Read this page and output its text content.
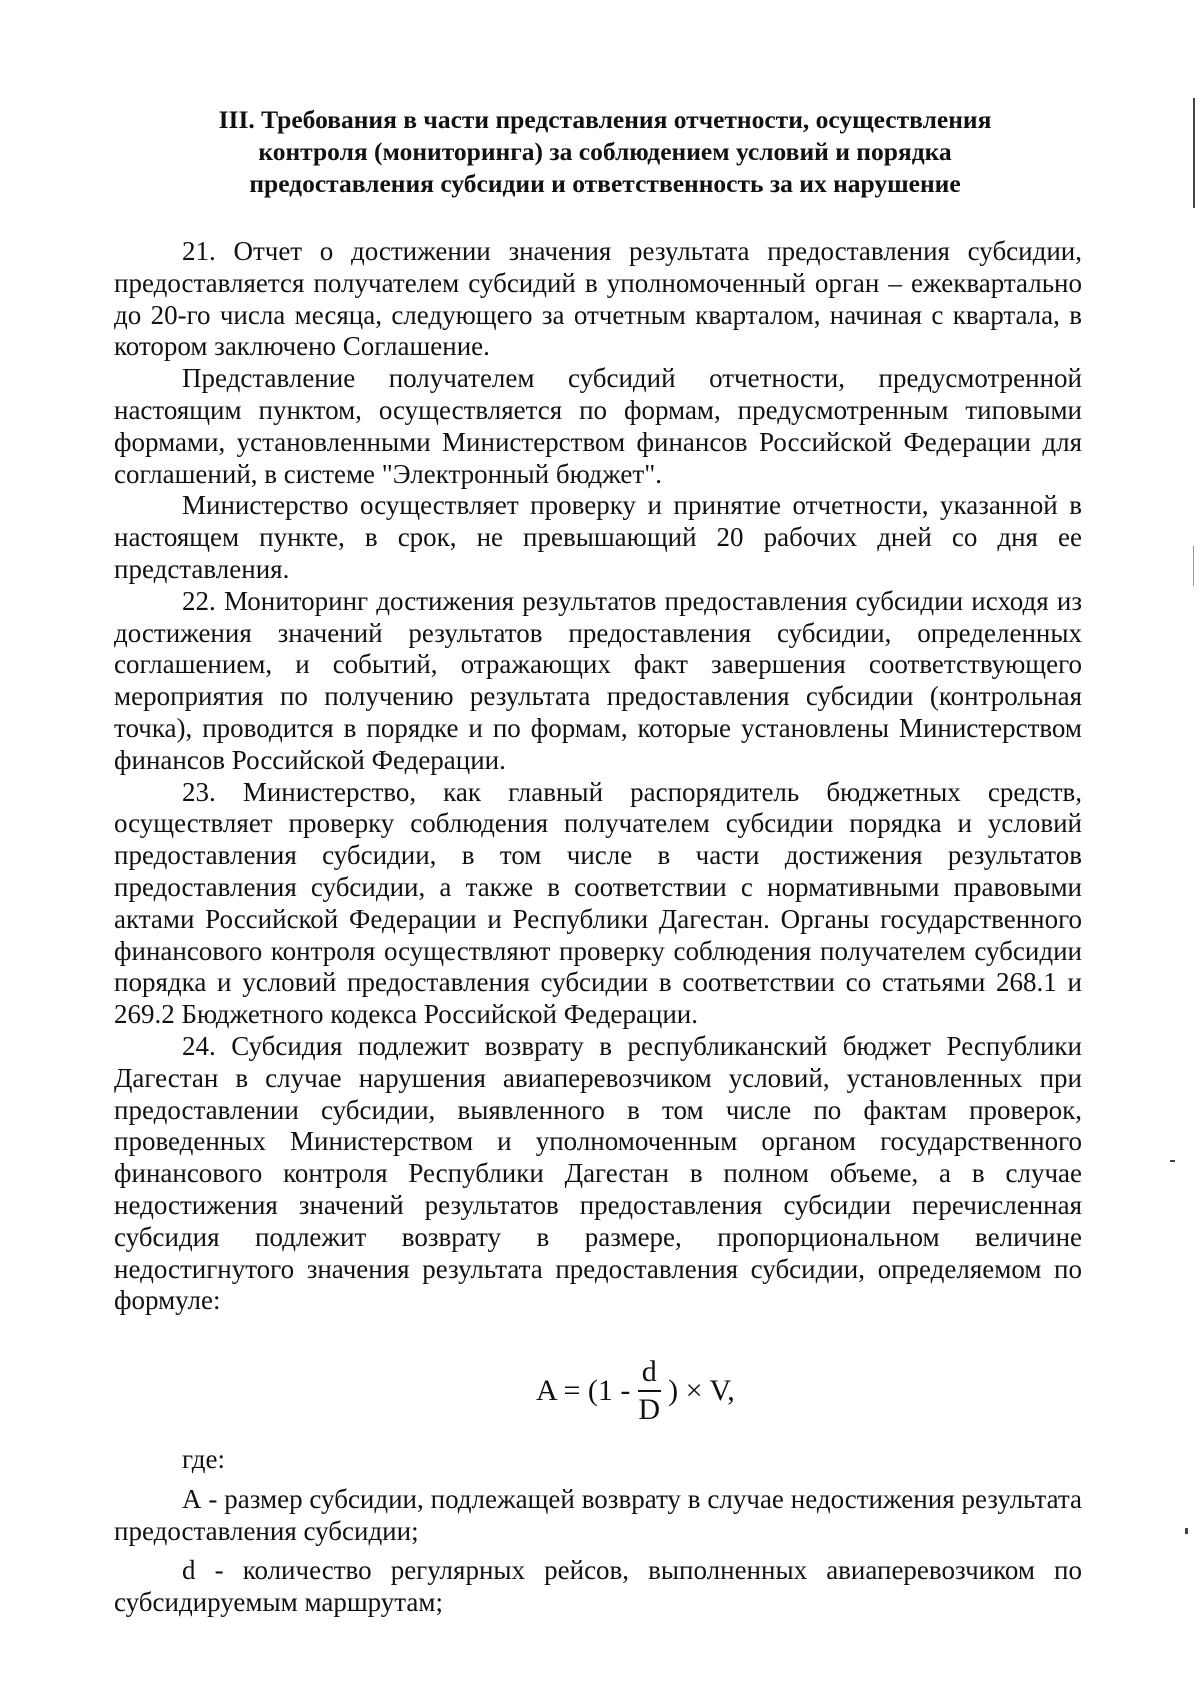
III. Требования в части представления отчетности, осуществления
контроля (мониторинга) за соблюдением условий и порядка
предоставления субсидии и ответственность за их нарушение

21. Отчет о достижении значения результата предоставления субсидии, предоставляется получателем субсидий в уполномоченный орган – ежеквартально до 20-го числа месяца, следующего за отчетным кварталом, начиная с квартала, в котором заключено Соглашение.

Представление получателем субсидий отчетности, предусмотренной настоящим пунктом, осуществляется по формам, предусмотренным типовыми формами, установленными Министерством финансов Российской Федерации для соглашений, в системе "Электронный бюджет".

Министерство осуществляет проверку и принятие отчетности, указанной в настоящем пункте, в срок, не превышающий 20 рабочих дней со дня ее представления.

22. Мониторинг достижения результатов предоставления субсидии исходя из достижения значений результатов предоставления субсидии, определенных соглашением, и событий, отражающих факт завершения соответствующего мероприятия по получению результата предоставления субсидии (контрольная точка), проводится в порядке и по формам, которые установлены Министерством финансов Российской Федерации.

23. Министерство, как главный распорядитель бюджетных средств, осуществляет проверку соблюдения получателем субсидии порядка и условий предоставления субсидии, в том числе в части достижения результатов предоставления субсидии, а также в соответствии с нормативными правовыми актами Российской Федерации и Республики Дагестан. Органы государственного финансового контроля осуществляют проверку соблюдения получателем субсидии порядка и условий предоставления субсидии в соответствии со статьями 268.1 и 269.2 Бюджетного кодекса Российской Федерации.

24. Субсидия подлежит возврату в республиканский бюджет Республики Дагестан в случае нарушения авиаперевозчиком условий, установленных при предоставлении субсидии, выявленного в том числе по фактам проверок, проведенных Министерством и уполномоченным органом государственного финансового контроля Республики Дагестан в полном объеме, а в случае недостижения значений результатов предоставления субсидии перечисленная субсидия подлежит возврату в размере, пропорциональном величине недостигнутого значения результата предоставления субсидии, определяемом по формуле:

$A = (1 - \frac{d}{D}$ ) × V,

где:

А - размер субсидии, подлежащей возврату в случае недостижения результата предоставления субсидии;

d - количество регулярных рейсов, выполненных авиаперевозчиком по субсидируемым маршрутам;
